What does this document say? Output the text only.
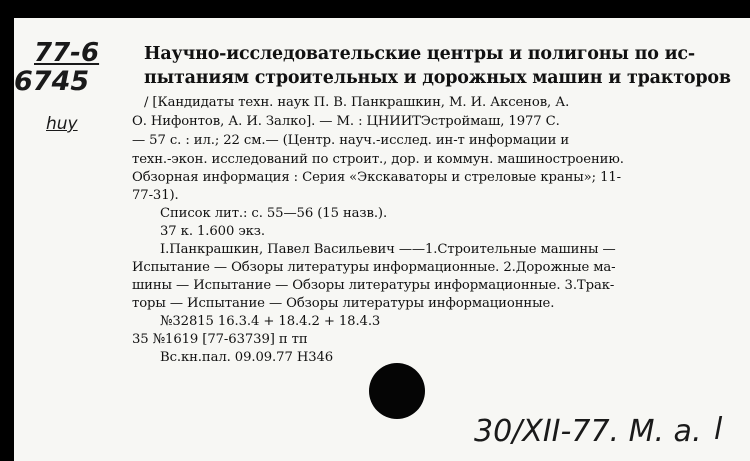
77-6
6745
huy
Научно-исследовательские центры и полигоны по ис-
пытаниям строительных и дорожных машин и тракторов
/ [Кандидаты техн. наук П. В. Панкрашкин, М. И. Аксенов, А.
О. Нифонтов, А. И. Залко]. — М. : ЦНИИТЭстроймаш, 1977 С.
— 57 с. : ил.; 22 см.— (Центр. науч.-исслед. ин-т информации и
техн.-экон. исследований по строит., дор. и коммун. машиностроению.
Обзорная информация : Серия «Экскаваторы и стреловые краны»; 11-
77-31).
Список лит.: с. 55—56 (15 назв.).
37 к. 1.600 экз.
I.Панкрашкин, Павел Васильевич ——1.Строительные машины —
Испытание — Обзоры литературы информационные. 2.Дорожные ма-
шины — Испытание — Обзоры литературы информационные. 3.Трак-
торы — Испытание — Обзоры литературы информационные.
№32815 16.3.4 + 18.4.2 + 18.4.3
35 №1619 [77-63739] п тп
Вс.кн.пал. 09.09.77 Н346
30/XII-77. M. a. l
